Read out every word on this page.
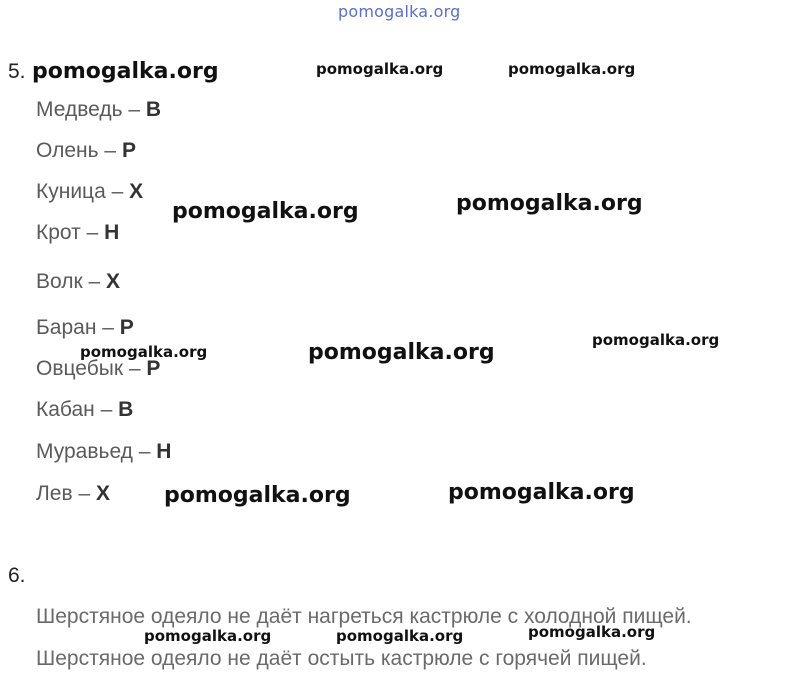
pomogalka.org
5. pomogalka.org	pomogalka.org	pomogalka.org
Медведь – В
Олень – Р
Куница – Х
Крот – Н
Волк – Х
Баран – Р
Овцебык – Р
Кабан – В
Муравьед – Н
Лев – Х
pomogalka.org	pomogalka.org
pomogalka.org	pomogalka.org	pomogalka.org
pomogalka.org	pomogalka.org
6.
Шерстяное одеяло не даёт нагреться кастрюле с холодной пищей.
Шерстяное одеяло не даёт остыть кастрюле с горячей пищей.
pomogalka.org	pomogalka.org	pomogalka.org
